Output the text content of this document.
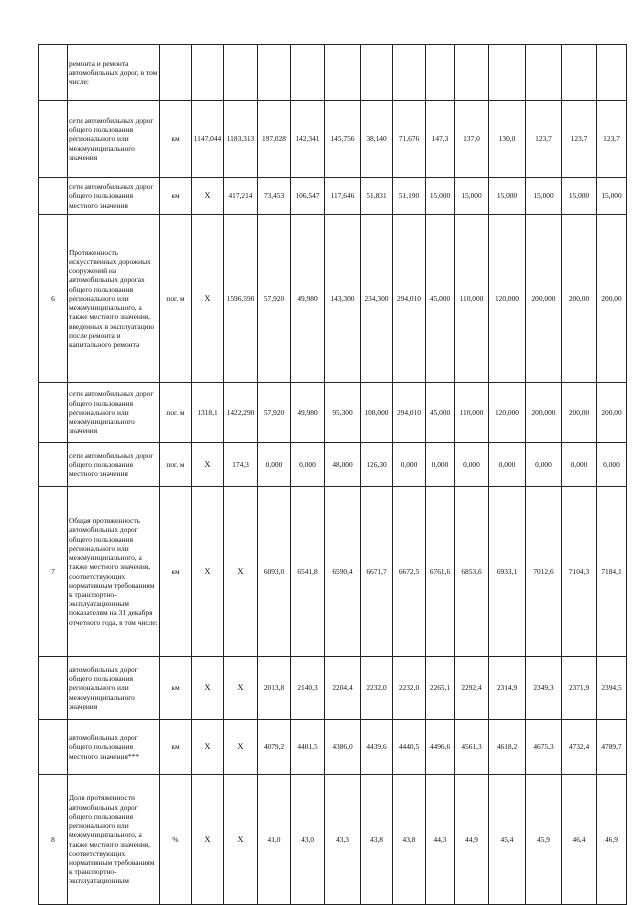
	ремонта и ремонта автомобильных дорог, в том числе:															
	сети автомобильных дорог общего пользования регионального или межмуниципального значения	км	1147,044	1183,313	197,028	142,341	145,756	38,140	71,676	147,3	137,0	130,0	123,7	123,7	123,7	
	сети автомобильных дорог общего пользования местного значения	км	Х	417,214	73,453	106,547	117,646	51,831	51,190	15,000	15,000	15,000	15,000	15,000	15,000	
6	Протяженность искусственных дорожных сооружений на автомобильных дорогах общего пользования регионального или межмуниципального, а также местного значения, введенных в эксплуатацию после ремонта и капитального ремонта	пог. м	Х	1596,590	57,920	49,980	143,300	234,300	294,010	45,000	110,000	120,000	200,000	200,00	200,00	
	сети автомобильных дорог общего пользования регионального или межмуниципального значения	пог. м	1318,1	1422,290	57,920	49,980	95,300	108,000	294,010	45,000	110,000	120,000	200,000	200,00	200,00	
	сети автомобильных дорог общего пользования местного значения	пог. м	Х	174,3	0,000	0,000	48,000	126,30	0,000	0,000	0,000	0,000	0,000	0,000	0,000	
7	Общая протяженность автомобильных дорог общего пользования регионального или межмуниципального, а также местного значения, соответствующих нормативным требованиям к транспортно-эксплуатационным показателям на 31 декабря отчетного года, в том числе:	км	Х	Х	6093,0	6541,8	6590,4	6671,7	6672,5	6761,6	6853,6	6933,1	7012,6	7104,3	7184,1	
	автомобильных дорог общего пользования регионального или межмуниципального значения	км	Х	Х	2013,8	2140,3	2204,4	2232,0	2232,0	2265,1	2292,4	2314,9	2349,3	2371,9	2394,5	
	автомобильных дорог общего пользования местного значения***	км	Х	Х	4079,2	4401,5	4386,0	4439,6	4440,5	4496,6	4561,3	4618,2	4675,3	4732,4	4789,7	
8	Доля протяженности автомобильных дорог общего пользования регионального или межмуниципального, а также местного значения, соответствующих нормативным требованиям к транспортно-эксплуатационным	%	Х	Х	41,0	43,0	43,3	43,8	43,8	44,3	44,9	45,4	45,9	46,4	46,9	
